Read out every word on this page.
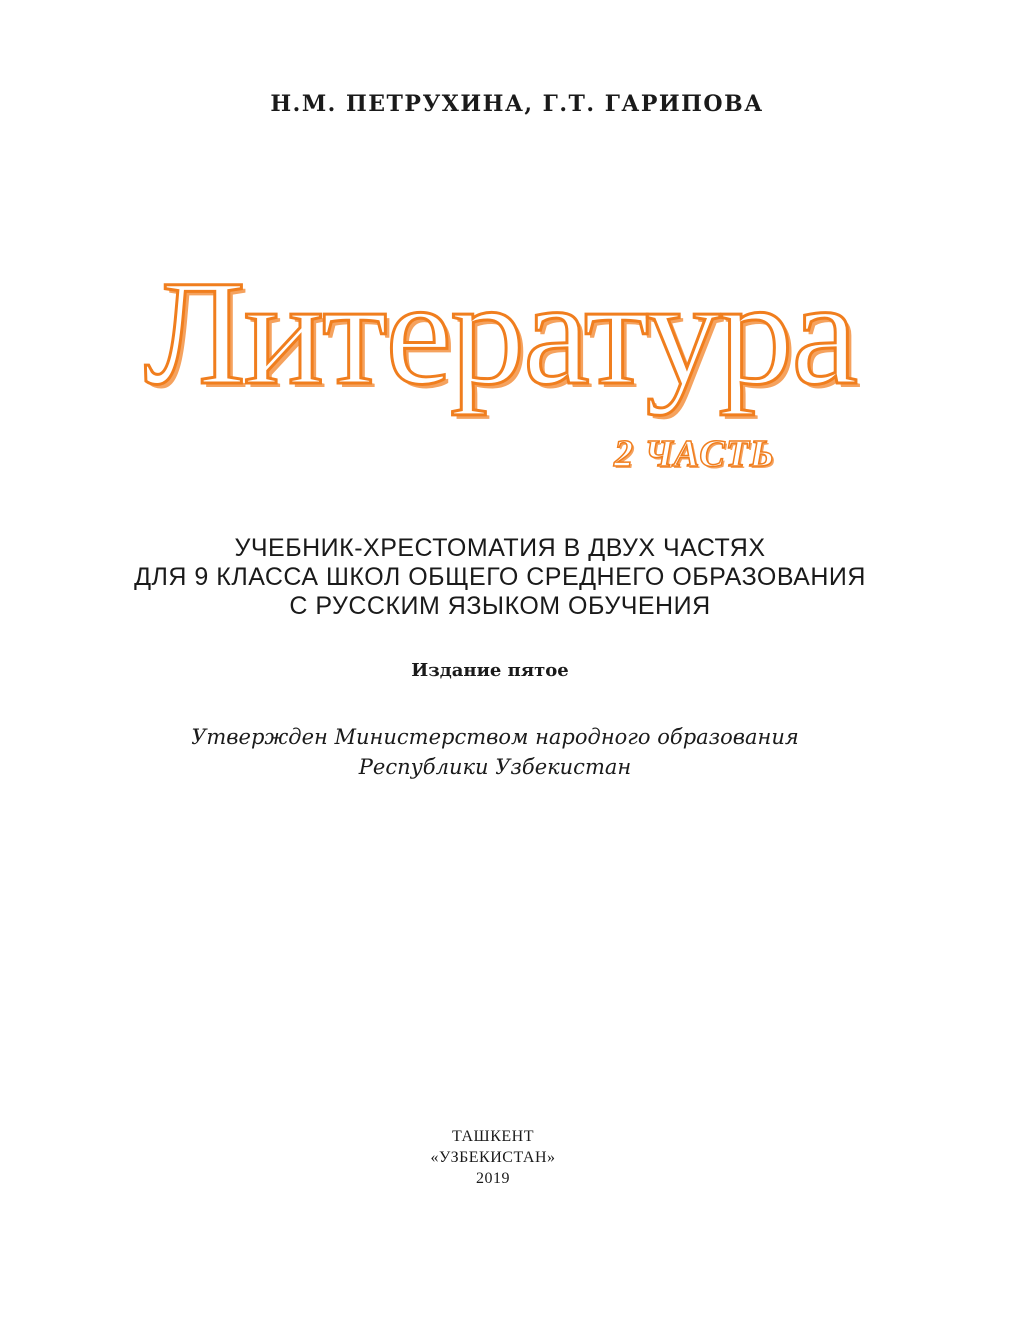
Н.М. ПЕТРУХИНА, Г.Т. ГАРИПОВА
Литература
2 ЧАСТЬ
УЧЕБНИК-ХРЕСТОМАТИЯ В ДВУХ ЧАСТЯХ
ДЛЯ 9 КЛАССА ШКОЛ ОБЩЕГО СРЕДНЕГО ОБРАЗОВАНИЯ
С РУССКИМ ЯЗЫКОМ ОБУЧЕНИЯ
Издание пятое
Утвержден Министерством народного образования
Республики Узбекистан
ТАШКЕНТ
«УЗБЕКИСТАН»
2019
